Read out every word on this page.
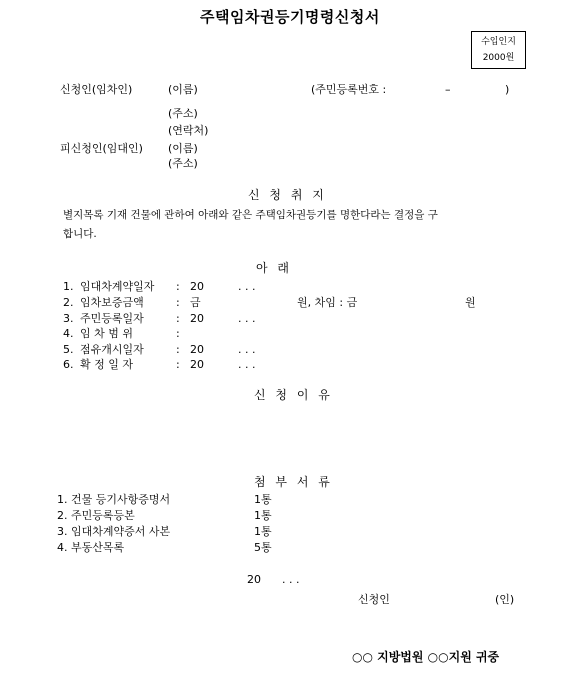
주택임차권등기명령신청서
수입인지
2000원
신청인(임차인)	(이름)	(주민등록번호 :	–	)
(주소)
(연락처)
피신청인(임대인) (이름)
(주소)
신 청 취 지
별지목록 기재 건물에 관하여 아래와 같은 주택임차권등기를 명한다라는 결정을 구
합니다.
아 래
1. 임대차계약일자 : 20	. . .
2. 임차보증금액	: 금	원, 차임 : 금	원
3. 주민등록일자	: 20	. . .
4. 임 차 범 위	:
5. 점유개시일자	: 20	. . .
6. 확 정 일 자	: 20	. . .
신 청 이 유
첨 부 서 류
1. 건물 등기사항증명서	1통
2. 주민등록등본	1통
3. 임대차계약증서 사본	1통
4. 부동산목록	5통
20 . . .
신청인	(인)
○○ 지방법원 ○○지원 귀중
